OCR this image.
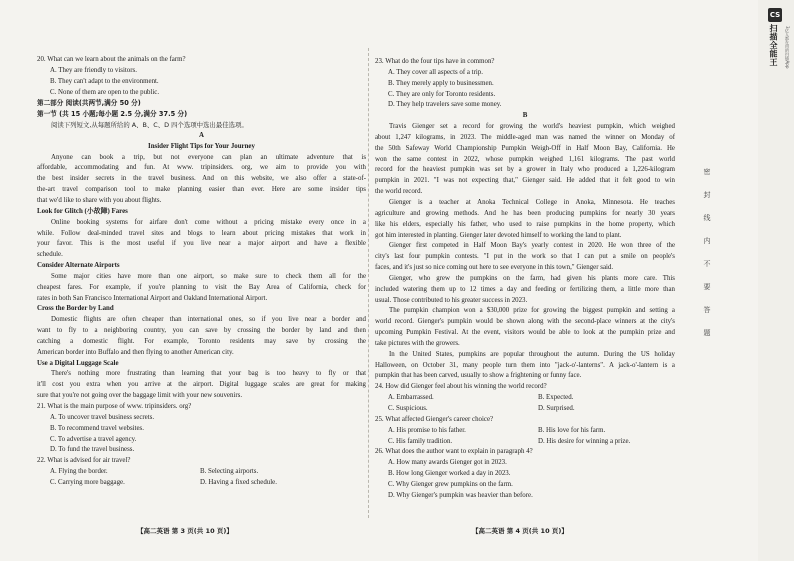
20. What can we learn about the animals on the farm?
A. They are friendly to visitors.
B. They can't adapt to the environment.
C. None of them are open to the public.
第二部分 阅读(共两节,满分 50 分)
第一节 (共 15 小题;每小题 2.5 分,满分 37.5 分)
阅读下列短文,从每题所给的 A、B、C、D 四个选项中选出最佳选项。
A
Insider Flight Tips for Your Journey
Anyone can book a trip, but not everyone can plan an ultimate adventure that is
affordable, accommodating and fun. At www. tripinsiders. org, we aim to provide you with
the best insider secrets in the travel business. And on this website, we also offer a state-of-
the-art travel comparison tool to make planning easier than ever. Here are some insider tips
that we'd like to share with you about flights.
Look for Glitch (小故障) Fares
Online booking systems for airfare don't come without a pricing mistake every once in a
while. Follow deal-minded travel sites and blogs to learn about pricing mistakes that work in
your favor. This is the most useful if you live near a major airport and have a flexible
schedule.
Consider Alternate Airports
Some major cities have more than one airport, so make sure to check them all for the
cheapest fares. For example, if you're planning to visit the Bay Area of California, check for
rates in both San Francisco International Airport and Oakland International Airport.
Cross the Border by Land
Domestic flights are often cheaper than international ones, so if you live near a border and
want to fly to a neighboring country, you can save by crossing the border by land and then
catching a domestic flight. For example, Toronto residents may save by crossing the
American border into Buffalo and then flying to another American city.
Use a Digital Luggage Scale
There's nothing more frustrating than learning that your bag is too heavy to fly or that
it'll cost you extra when you arrive at the airport. Digital luggage scales are great for making
sure that you're not going over the baggage limit with your new souvenirs.
21. What is the main purpose of www. tripinsiders. org?
A. To uncover travel business secrets.
B. To recommend travel websites.
C. To advertise a travel agency.
D. To fund the travel business.
22. What is advised for air travel?
A. Flying the border.	B. Selecting airports.
C. Carrying more baggage.	D. Having a fixed schedule.
【高二英语 第 3 页(共 10 页)】
23. What do the four tips have in common?
A. They cover all aspects of a trip.
B. They merely apply to businessmen.
C. They are only for Toronto residents.
D. They help travelers save some money.
B
Travis Gienger set a record for growing the world's heaviest pumpkin, which weighed
about 1,247 kilograms, in 2023. The middle-aged man was named the winner on Monday of
the 50th Safeway World Championship Pumpkin Weigh-Off in Half Moon Bay, California. He
won the same contest in 2022, whose pumpkin weighed 1,161 kilograms. The past world
record for the heaviest pumpkin was set by a grower in Italy who produced a 1,226-kilogram
pumpkin in 2021. "I was not expecting that," Gienger said. He added that it felt good to win
the world record.
Gienger is a teacher at Anoka Technical College in Anoka, Minnesota. He teaches
agriculture and growing methods. And he has been producing pumpkins for nearly 30 years
like his elders, especially his father, who used to raise pumpkins in the home property, which
got him interested in planting. Gienger later devoted himself to working the land to plant.
Gienger first competed in Half Moon Bay's yearly contest in 2020. He won three of the
city's last four pumpkin contests. "I put in the work so that I can put a smile on people's
faces, and it's just so nice coming out here to see everyone in this town," Gienger said.
Gienger, who grew the pumpkins on the farm, had given his plants more care. This
included watering them up to 12 times a day and feeding or fertilizing them, a little more than
usual. Those contributed to his greater success in 2023.
The pumpkin champion won a $30,000 prize for growing the biggest pumpkin and setting a
world record. Gienger's pumpkin would be shown along with the second-place winners at the city's
upcoming Pumpkin Festival. At the event, visitors would be able to look at the pumpkin prize and
take pictures with the growers.
In the United States, pumpkins are popular throughout the autumn. During the US holiday
Halloween, on October 31, many people turn them into "jack-o'-lanterns". A jack-o'-lantern is a
pumpkin that has been carved, usually to show a frightening or funny face.
24. How did Gienger feel about his winning the world record?
A. Embarrassed.	B. Expected.
C. Suspicious.	D. Surprised.
25. What affected Gienger's career choice?
A. His promise to his father.	B. His love for his farm.
C. His family tradition.	D. His desire for winning a prize.
26. What does the author want to explain in paragraph 4?
A. How many awards Gienger got in 2023.
B. How long Gienger worked a day in 2023.
C. Why Gienger grew pumpkins on the farm.
D. Why Gienger's pumpkin was heavier than before.
【高二英语 第 4 页(共 10 页)】
密封线内不要答题
CS
扫描全能王 3亿人都在用的扫描App
